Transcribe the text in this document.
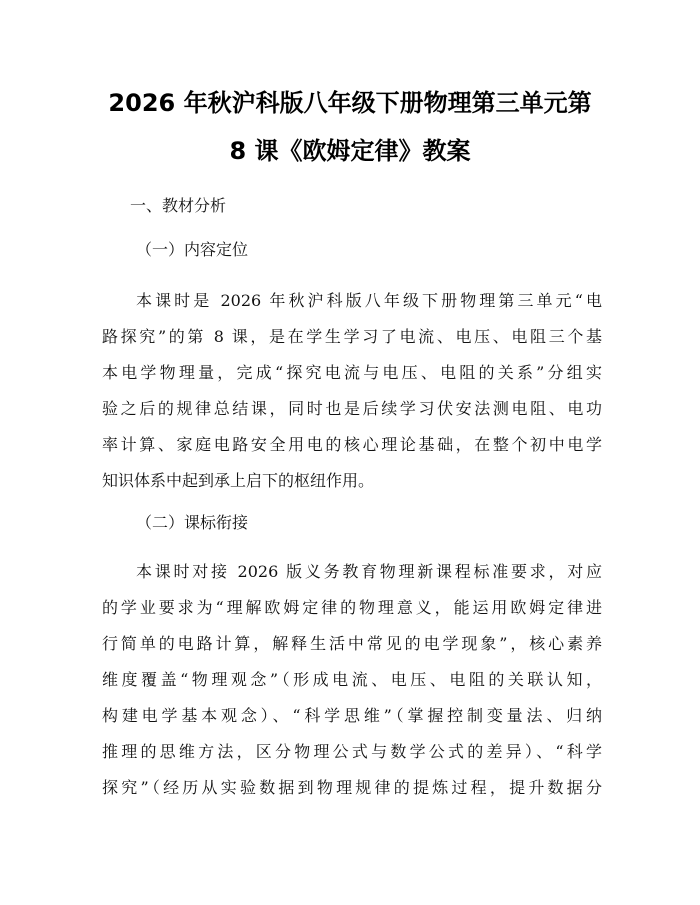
2026 年秋沪科版八年级下册物理第三单元第
8 课《欧姆定律》教案
一、教材分析
（一）内容定位
本课时是 2026 年秋沪科版八年级下册物理第三单元“电
路探究”的第 8 课，是在学生学习了电流、电压、电阻三个基
本电学物理量，完成“探究电流与电压、电阻的关系”分组实
验之后的规律总结课，同时也是后续学习伏安法测电阻、电功
率计算、家庭电路安全用电的核心理论基础，在整个初中电学
知识体系中起到承上启下的枢纽作用。
（二）课标衔接
本课时对接 2026 版义务教育物理新课程标准要求，对应
的学业要求为“理解欧姆定律的物理意义，能运用欧姆定律进
行简单的电路计算，解释生活中常见的电学现象”，核心素养
维度覆盖“物理观念”（形成电流、电压、电阻的关联认知，
构建电学基本观念）、“科学思维”（掌握控制变量法、归纳
推理的思维方法，区分物理公式与数学公式的差异）、“科学
探究”（经历从实验数据到物理规律的提炼过程，提升数据分
